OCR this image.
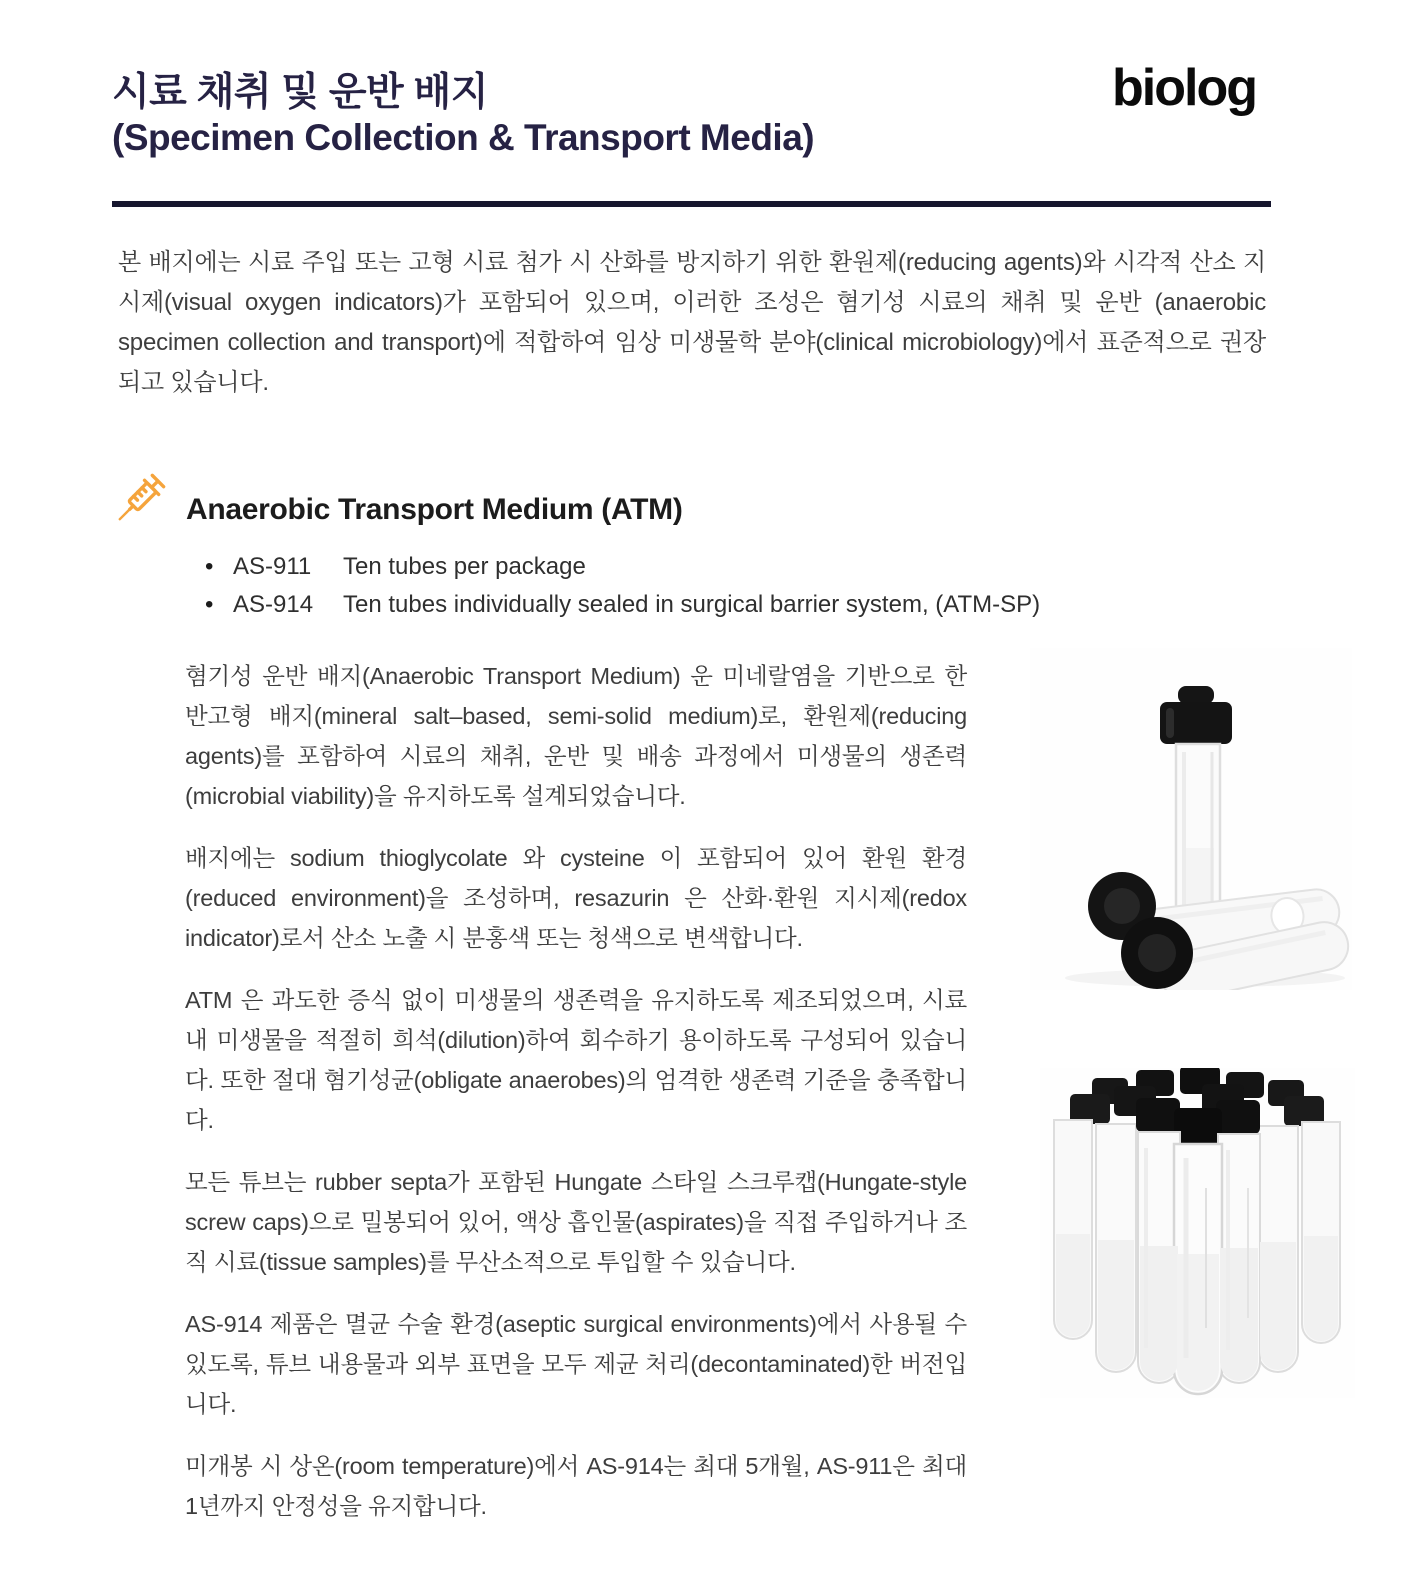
시료 채취 및 운반 배지
(Specimen Collection & Transport Media)
biolog

본 배지에는 시료 주입 또는 고형 시료 첨가 시 산화를 방지하기 위한 환원제(reducing agents)와 시각적 산소 지시제(visual oxygen indicators)가 포함되어 있으며, 이러한 조성은 혐기성 시료의 채취 및 운반 (anaerobic specimen collection and transport)에 적합하여 임상 미생물학 분야(clinical microbiology)에서 표준적으로 권장되고 있습니다.

Anaerobic Transport Medium (ATM)
• AS-911	Ten tubes per package
• AS-914	Ten tubes individually sealed in surgical barrier system, (ATM-SP)

혐기성 운반 배지(Anaerobic Transport Medium) 운 미네랄염을 기반으로 한 반고형 배지(mineral salt–based, semi-solid medium)로, 환원제(reducing agents)를 포함하여 시료의 채취, 운반 및 배송 과정에서 미생물의 생존력(microbial viability)을 유지하도록 설계되었습니다.

배지에는 sodium thioglycolate 와 cysteine 이 포함되어 있어 환원 환경(reduced environment)을 조성하며, resazurin 은 산화·환원 지시제(redox indicator)로서 산소 노출 시 분홍색 또는 청색으로 변색합니다.

ATM 은 과도한 증식 없이 미생물의 생존력을 유지하도록 제조되었으며, 시료 내 미생물을 적절히 희석(dilution)하여 회수하기 용이하도록 구성되어 있습니다. 또한 절대 혐기성균(obligate anaerobes)의 엄격한 생존력 기준을 충족합니다.

모든 튜브는 rubber septa가 포함된 Hungate 스타일 스크루캡(Hungate-style screw caps)으로 밀봉되어 있어, 액상 흡인물(aspirates)을 직접 주입하거나 조직 시료(tissue samples)를 무산소적으로 투입할 수 있습니다.

AS-914 제품은 멸균 수술 환경(aseptic surgical environments)에서 사용될 수 있도록, 튜브 내용물과 외부 표면을 모두 제균 처리(decontaminated)한 버전입니다.

미개봉 시 상온(room temperature)에서 AS-914는 최대 5개월, AS-911은 최대 1년까지 안정성을 유지합니다.
